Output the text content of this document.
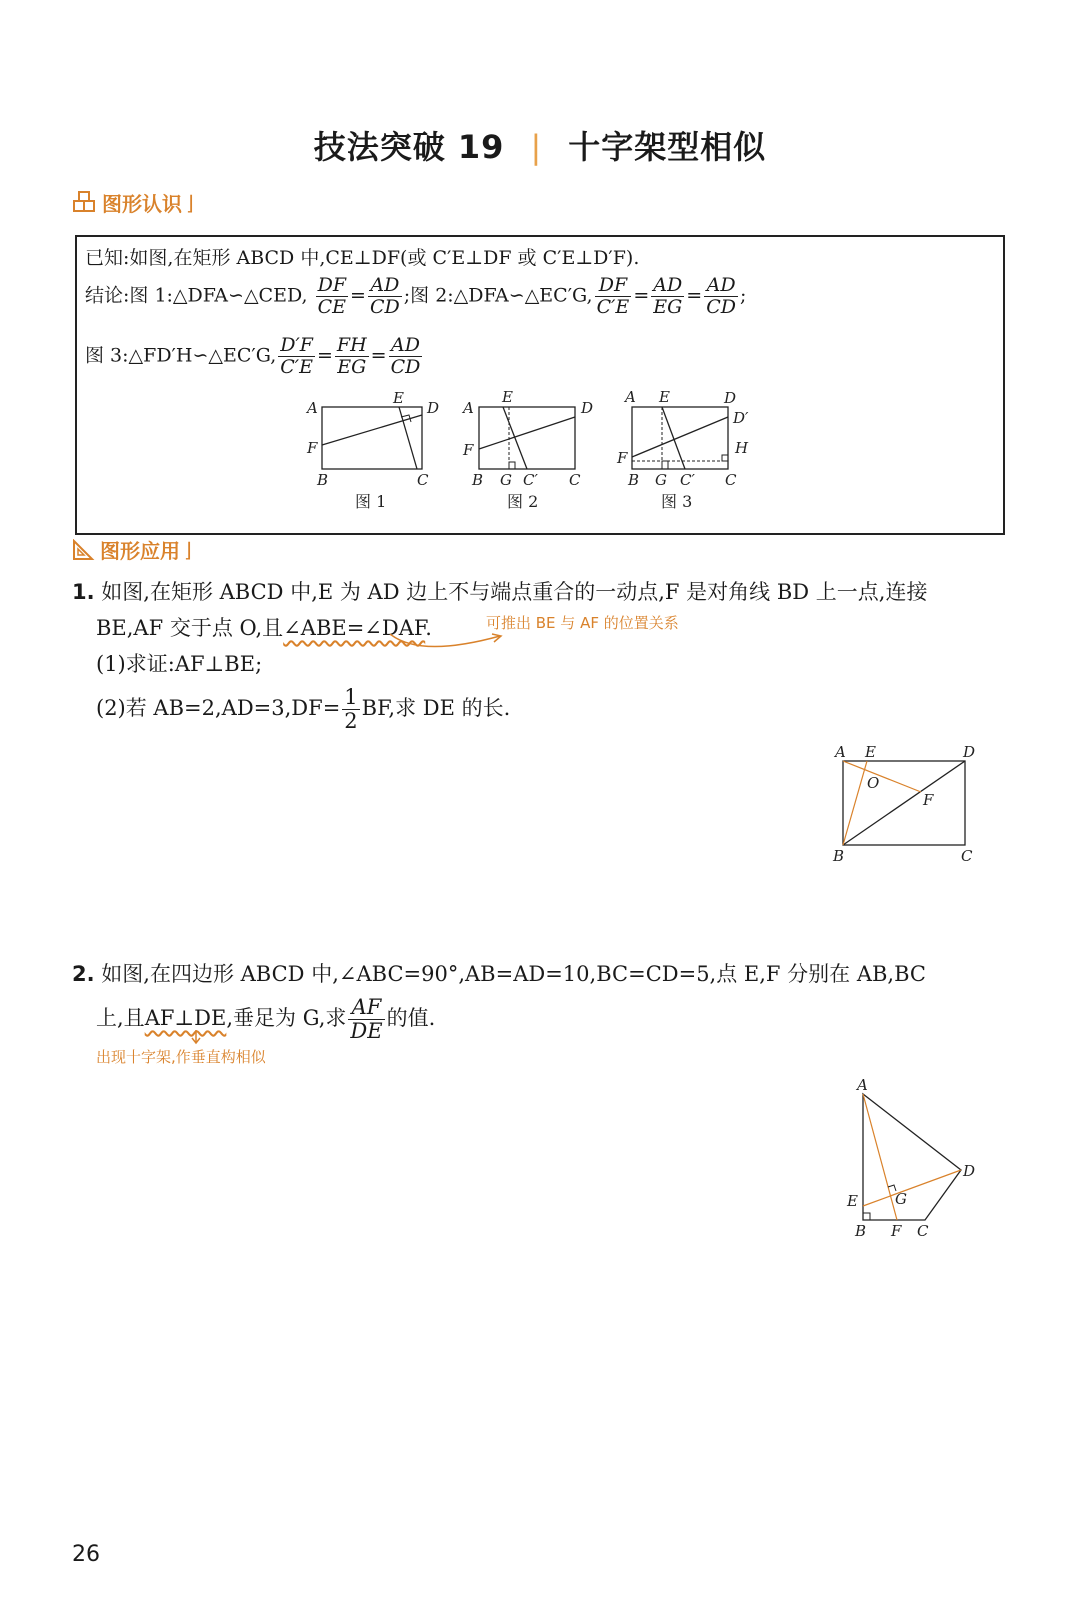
技法突破 19 | 十字架型相似
图形认识 ⌋
已知:如图,在矩形 ABCD 中,CE⊥DF(或 C′E⊥DF 或 C′E⊥D′F).
结论:图 1:△DFA∽△CED, $\frac{DF}{CE} = \frac{AD}{CD}$ ;图 2:△DFA∽△EC′G, $\frac{DF}{C'E} = \frac{AD}{EG} = \frac{AD}{CD}$ ;
图 3:△FD′H∽△EC′G, $\frac{D'F}{C'E} = \frac{FH}{EG} = \frac{AD}{CD}$
A
E
D
F
B	C
图 1
A
E
D
F
B G C′ C
图 2
A E	D
D′
H
F
B G C′ C
图 3
图形应用 ⌋
1. 如图,在矩形 ABCD 中,E 为 AD 边上不与端点重合的一动点,F 是对角线 BD 上一点,连接
BE,AF 交于点 O,且∠ABE=∠DAF.	可推出 BE 与 AF 的位置关系
(1)求证:AF⊥BE;
(2)若 $AB=2,AD=3,DF= \frac{1}{2}$ BF,求 DE 的长.
A E	D
O
F
B	C
2. 如图,在四边形 ABCD 中,∠ABC=90°,AB=AD=10,BC=CD=5,点 E,F 分别在 AB,BC
上,且AF⊥DE,垂足为 G,求 $\frac{AF}{DE}$ 的值.
出现十字架,作垂直构相似
A
D
E G
B F C
26
